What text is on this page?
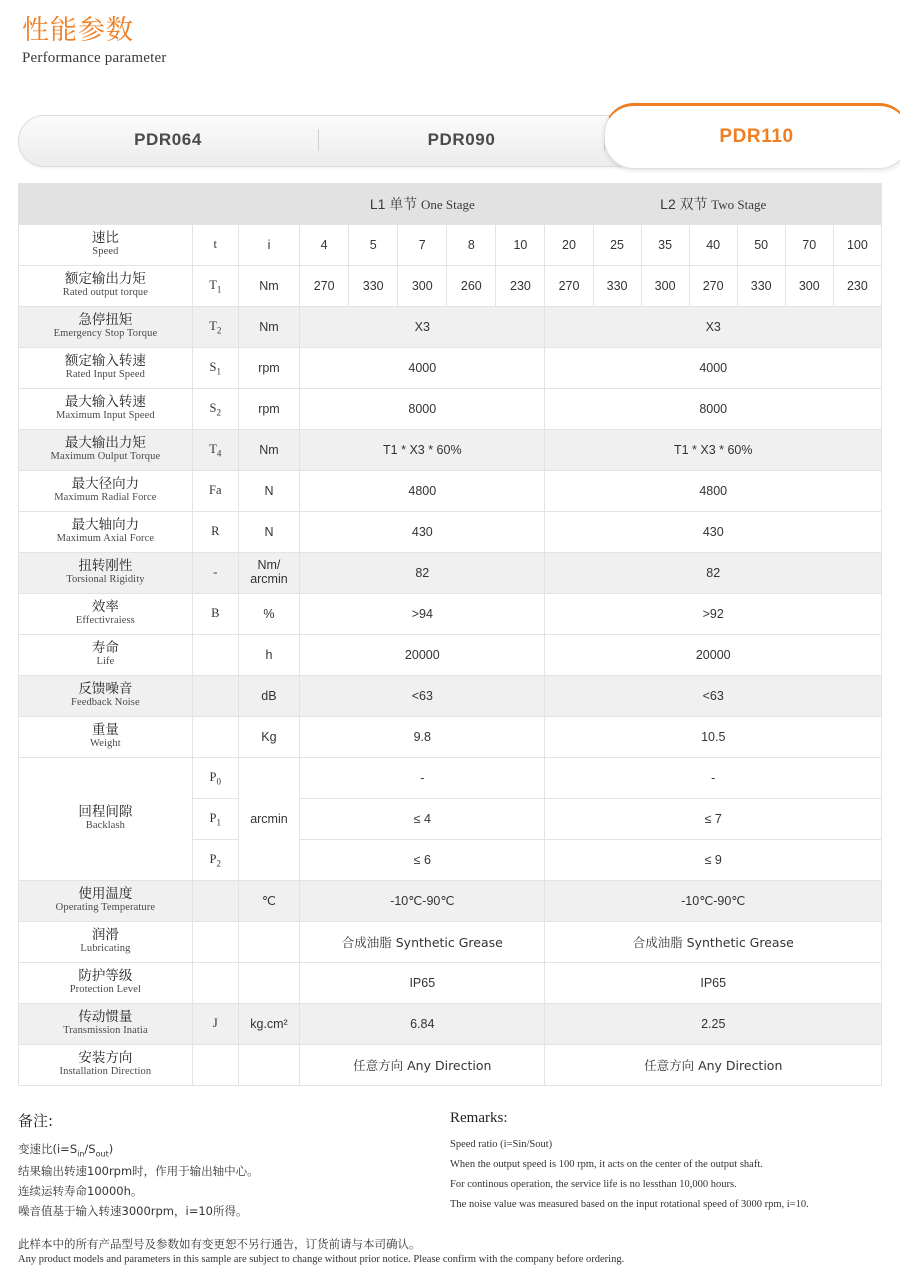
性能参数
Performance parameter
PDR064	PDR090	PDR110
			L1 单节 One Stage					L2 双节 Two Stage						

速比
Speed	t	i	4	5	7	8	10	20	25	35	40	50	70	100

额定输出力矩
Rated output torque	$T_1$	Nm	270	330	300	260	230	270	330	300	270	330	300	230

急停扭矩
Emergency Stop Torque	$T_2$	Nm	X3					X3						

额定输入转速
Rated Input Speed	$S_1$	rpm	4000					4000						

最大输入转速
Maximum Input Speed	$S_2$	rpm	8000					8000						

最大输出力矩
Maximum Oulput Torque	$T_4$	Nm	T1 * X3 * 60%					T1 * X3 * 60%						

最大径向力
Maximum Radial Force	Fa	N	4800					4800						

最大轴向力
Maximum Axial Force	R	N	430					430						

扭转刚性
Torsional Rigidity	-	Nm/ arcmin	82					82						

效率
Effectivraiess	B	%	>94					>92						

寿命
Life		h	20000					20000						

反馈噪音
Feedback Noise		dB	<63					<63						

重量
Weight		Kg	9.8					10.5						

回程间隙
Backlash	$P_0$	arcmin	-					-						
	$P_1$		≤ 4					≤ 7						
	$P_2$		≤ 6					≤ 9						

使用温度
Operating Temperature		℃	-10℃-90℃					-10℃-90℃						

润滑
Lubricating			合成油脂 Synthetic Grease					合成油脂 Synthetic Grease						

防护等级
Protection Level			IP65					IP65						

传动惯量
Transmission Inatia	J	kg.cm²	6.84					2.25						

安装方向
Installation Direction			任意方向 Any Direction					任意方向 Any Direction						
备注:
变速比$(i=S_{in}/S_{out})$
结果输出转速100rpm时，作用于输出轴中心。
连续运转寿命10000h。
噪音值基于输入转速3000rpm，i=10所得。
Remarks:
Speed ratio (i=Sin/Sout)
When the output speed is 100 rpm, it acts on the center of the output shaft.
For continous operation, the service life is no lessthan 10,000 hours.
The noise value was measured based on the input rotational speed of 3000 rpm, i=10.
此样本中的所有产品型号及参数如有变更恕不另行通告，订货前请与本司确认。
Any product models and parameters in this sample are subject to change without prior notice. Please confirm with the company before ordering.
